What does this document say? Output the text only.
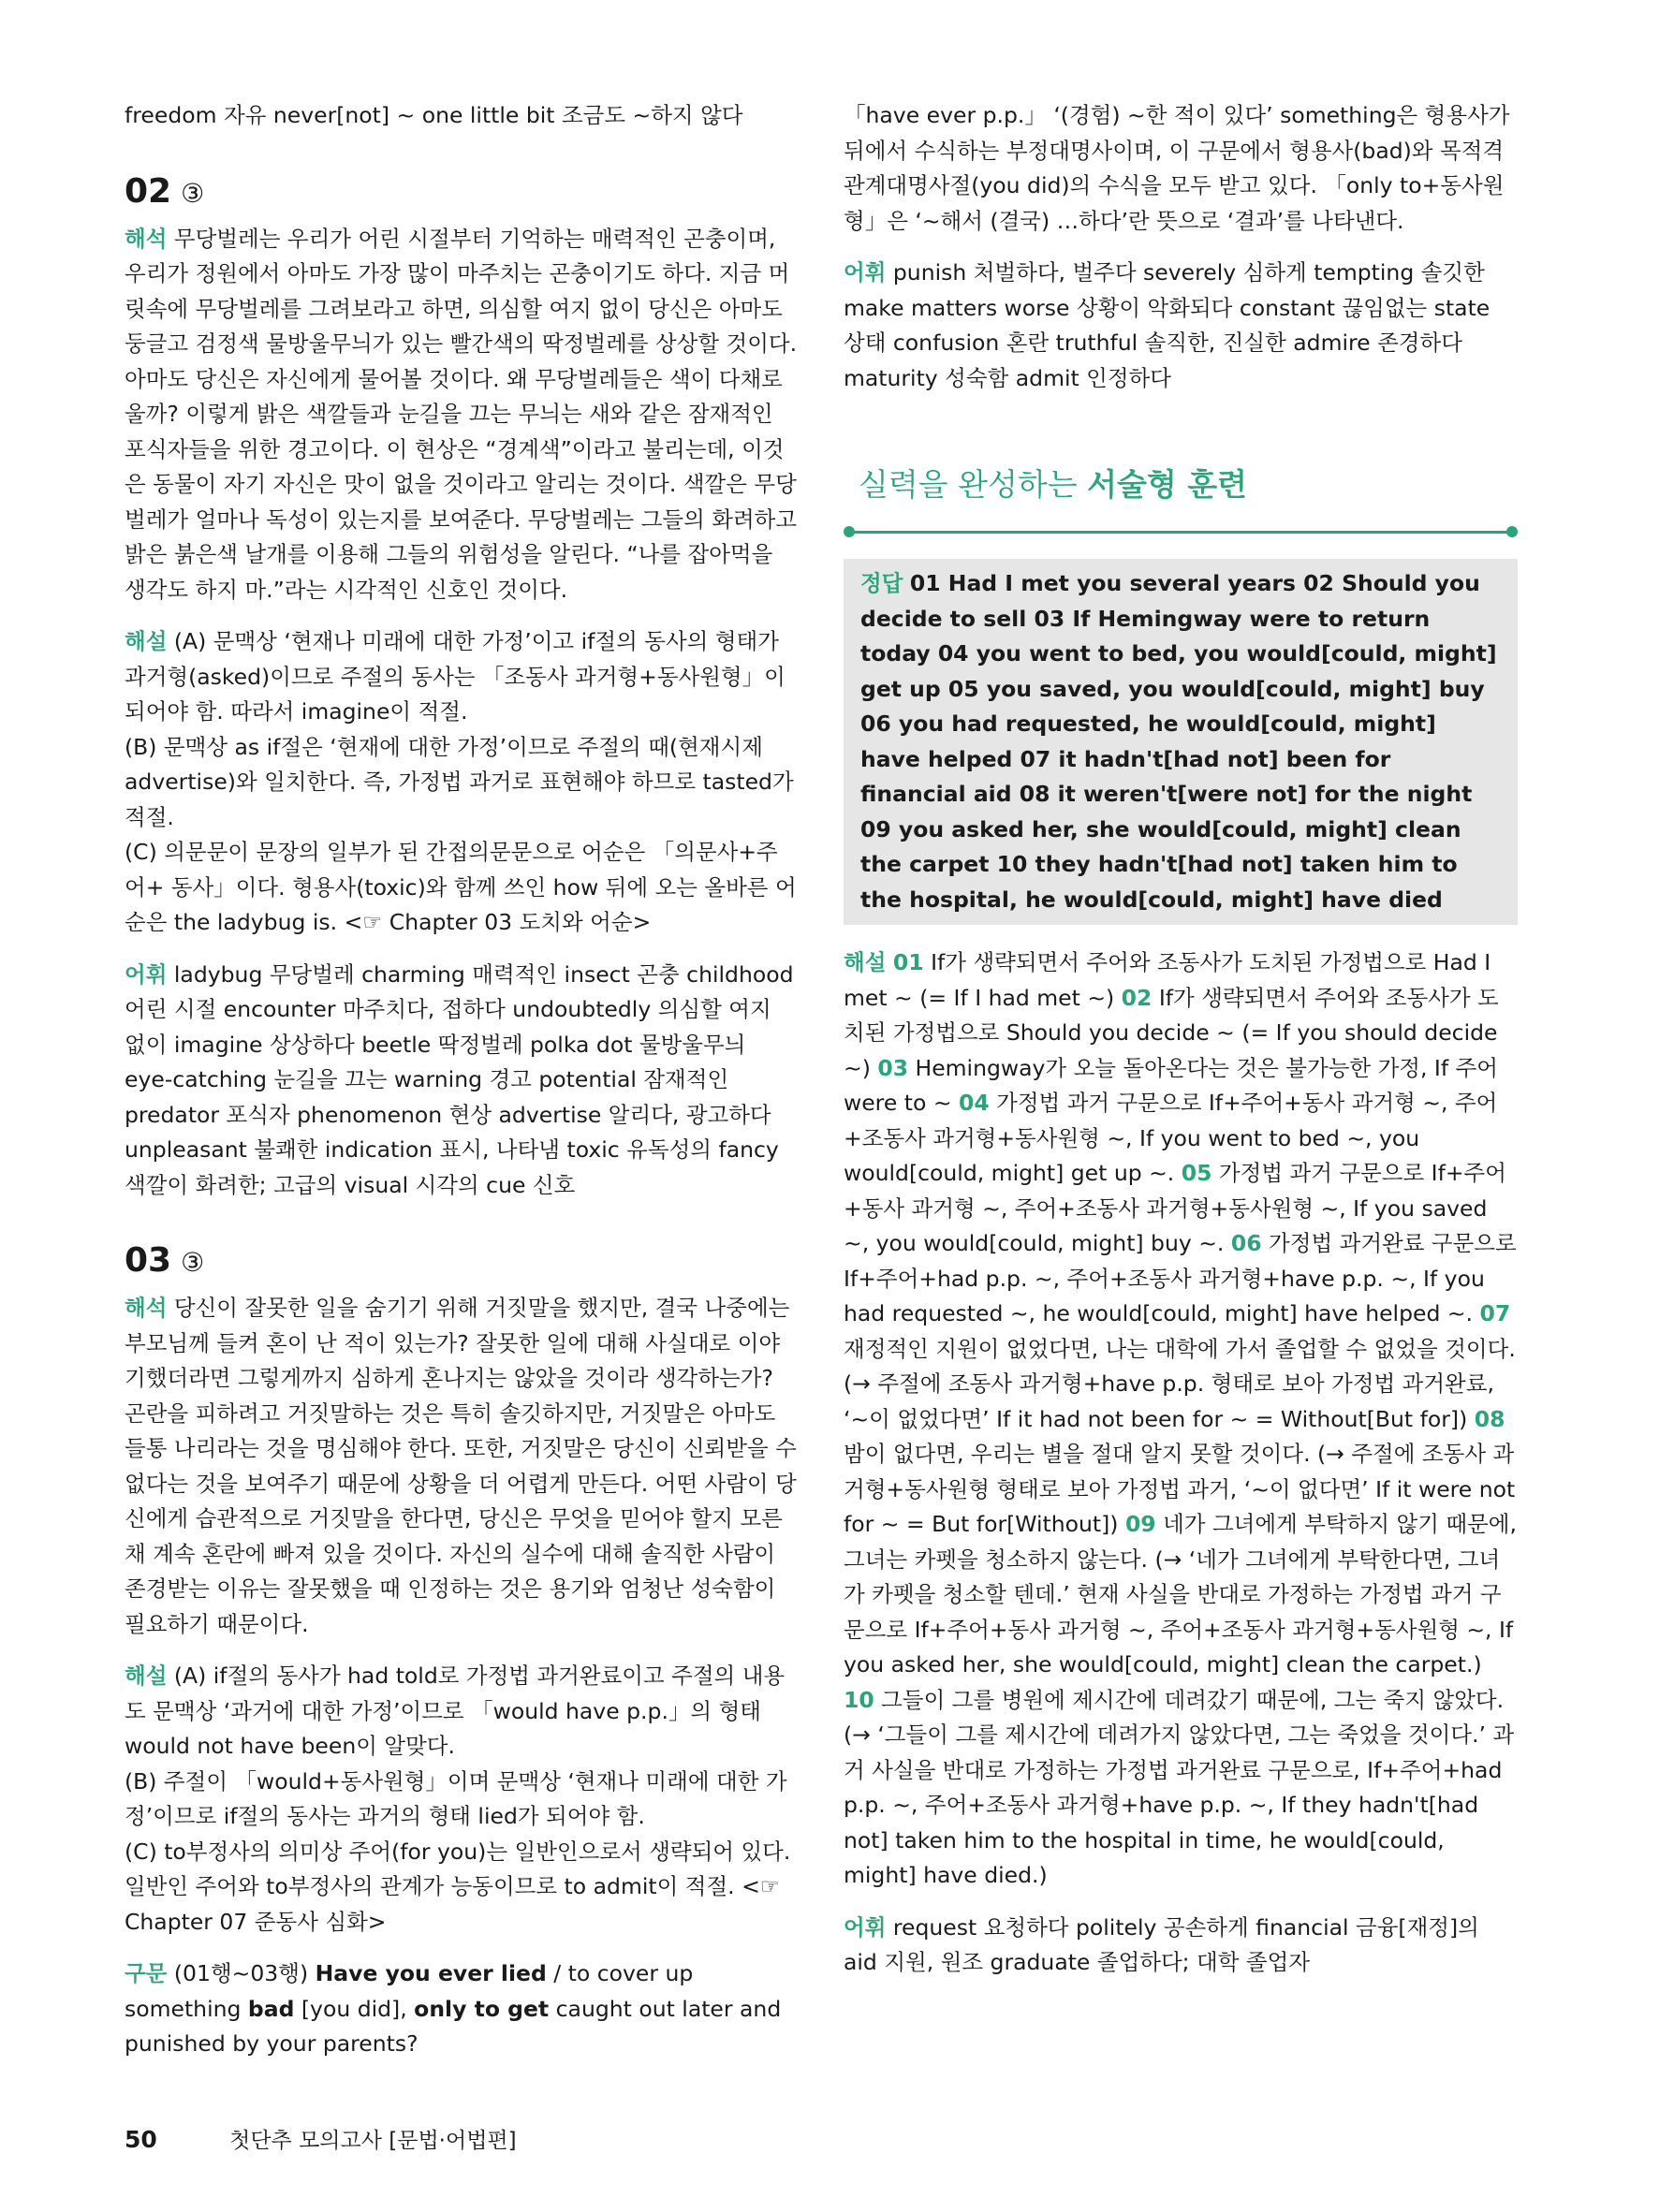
freedom 자유 never[not] ~ one little bit 조금도 ~하지 않다

02 ③

해석 무당벌레는 우리가 어린 시절부터 기억하는 매력적인 곤충이며, 우리가 정원에서 아마도 가장 많이 마주치는 곤충이기도 하다. 지금 머릿속에 무당벌레를 그려보라고 하면, 의심할 여지 없이 당신은 아마도 둥글고 검정색 물방울무늬가 있는 빨간색의 딱정벌레를 상상할 것이다. 아마도 당신은 자신에게 물어볼 것이다. 왜 무당벌레들은 색이 다채로울까? 이렇게 밝은 색깔들과 눈길을 끄는 무늬는 새와 같은 잠재적인 포식자들을 위한 경고이다. 이 현상은 “경계색”이라고 불리는데, 이것은 동물이 자기 자신은 맛이 없을 것이라고 알리는 것이다. 색깔은 무당벌레가 얼마나 독성이 있는지를 보여준다. 무당벌레는 그들의 화려하고 밝은 붉은색 날개를 이용해 그들의 위험성을 알린다. “나를 잡아먹을 생각도 하지 마.”라는 시각적인 신호인 것이다.

해설 (A) 문맥상 ‘현재나 미래에 대한 가정’이고 if절의 동사의 형태가 과거형(asked)이므로 주절의 동사는 「조동사 과거형+동사원형」이 되어야 함. 따라서 imagine이 적절.

(B) 문맥상 as if절은 ‘현재에 대한 가정’이므로 주절의 때(현재시제 advertise)와 일치한다. 즉, 가정법 과거로 표현해야 하므로 tasted가 적절.

(C) 의문문이 문장의 일부가 된 간접의문문으로 어순은 「의문사+주어+ 동사」이다. 형용사(toxic)와 함께 쓰인 how 뒤에 오는 올바른 어순은 the ladybug is. <☞ Chapter 03 도치와 어순>

어휘 ladybug 무당벌레 charming 매력적인 insect 곤충 childhood 어린 시절 encounter 마주치다, 접하다 undoubtedly 의심할 여지 없이 imagine 상상하다 beetle 딱정벌레 polka dot 물방울무늬 eye-catching 눈길을 끄는 warning 경고 potential 잠재적인 predator 포식자 phenomenon 현상 advertise 알리다, 광고하다 unpleasant 불쾌한 indication 표시, 나타냄 toxic 유독성의 fancy 색깔이 화려한; 고급의 visual 시각의 cue 신호

03 ③

해석 당신이 잘못한 일을 숨기기 위해 거짓말을 했지만, 결국 나중에는 부모님께 들켜 혼이 난 적이 있는가? 잘못한 일에 대해 사실대로 이야기했더라면 그렇게까지 심하게 혼나지는 않았을 것이라 생각하는가? 곤란을 피하려고 거짓말하는 것은 특히 솔깃하지만, 거짓말은 아마도 들통 나리라는 것을 명심해야 한다. 또한, 거짓말은 당신이 신뢰받을 수 없다는 것을 보여주기 때문에 상황을 더 어렵게 만든다. 어떤 사람이 당신에게 습관적으로 거짓말을 한다면, 당신은 무엇을 믿어야 할지 모른 채 계속 혼란에 빠져 있을 것이다. 자신의 실수에 대해 솔직한 사람이 존경받는 이유는 잘못했을 때 인정하는 것은 용기와 엄청난 성숙함이 필요하기 때문이다.

해설 (A) if절의 동사가 had told로 가정법 과거완료이고 주절의 내용도 문맥상 ‘과거에 대한 가정’이므로 「would have p.p.」의 형태 would not have been이 알맞다.

(B) 주절이 「would+동사원형」이며 문맥상 ‘현재나 미래에 대한 가정’이므로 if절의 동사는 과거의 형태 lied가 되어야 함.

(C) to부정사의 의미상 주어(for you)는 일반인으로서 생략되어 있다. 일반인 주어와 to부정사의 관계가 능동이므로 to admit이 적절. <☞ Chapter 07 준동사 심화>

구문 (01행~03행) Have you ever lied / to cover up something bad [you did], only to get caught out later and punished by your parents?

「have ever p.p.」 ‘(경험) ~한 적이 있다’ something은 형용사가 뒤에서 수식하는 부정대명사이며, 이 구문에서 형용사(bad)와 목적격 관계대명사절(you did)의 수식을 모두 받고 있다. 「only to+동사원형」은 ‘~해서 (결국) …하다’란 뜻으로 ‘결과’를 나타낸다.

어휘 punish 처벌하다, 벌주다 severely 심하게 tempting 솔깃한 make matters worse 상황이 악화되다 constant 끊임없는 state 상태 confusion 혼란 truthful 솔직한, 진실한 admire 존경하다 maturity 성숙함 admit 인정하다

실력을 완성하는 서술형 훈련

정답 01 Had I met you several years 02 Should you decide to sell 03 If Hemingway were to return today 04 you went to bed, you would[could, might] get up 05 you saved, you would[could, might] buy 06 you had requested, he would[could, might] have helped 07 it hadn't[had not] been for financial aid 08 it weren't[were not] for the night 09 you asked her, she would[could, might] clean the carpet 10 they hadn't[had not] taken him to the hospital, he would[could, might] have died

해설 01 If가 생략되면서 주어와 조동사가 도치된 가정법으로 Had I met ~ (= If I had met ~) 02 If가 생략되면서 주어와 조동사가 도치된 가정법으로 Should you decide ~ (= If you should decide ~) 03 Hemingway가 오늘 돌아온다는 것은 불가능한 가정, If 주어 were to ~ 04 가정법 과거 구문으로 If+주어+동사 과거형 ~, 주어+조동사 과거형+동사원형 ~, If you went to bed ~, you would[could, might] get up ~. 05 가정법 과거 구문으로 If+주어+동사 과거형 ~, 주어+조동사 과거형+동사원형 ~, If you saved ~, you would[could, might] buy ~. 06 가정법 과거완료 구문으로 If+주어+had p.p. ~, 주어+조동사 과거형+have p.p. ~, If you had requested ~, he would[could, might] have helped ~. 07 재정적인 지원이 없었다면, 나는 대학에 가서 졸업할 수 없었을 것이다. (→ 주절에 조동사 과거형+have p.p. 형태로 보아 가정법 과거완료, ‘~이 없었다면’ If it had not been for ~ = Without[But for]) 08 밤이 없다면, 우리는 별을 절대 알지 못할 것이다. (→ 주절에 조동사 과거형+동사원형 형태로 보아 가정법 과거, ‘~이 없다면’ If it were not for ~ = But for[Without]) 09 네가 그녀에게 부탁하지 않기 때문에, 그녀는 카펫을 청소하지 않는다. (→ ‘네가 그녀에게 부탁한다면, 그녀가 카펫을 청소할 텐데.’ 현재 사실을 반대로 가정하는 가정법 과거 구문으로 If+주어+동사 과거형 ~, 주어+조동사 과거형+동사원형 ~, If you asked her, she would[could, might] clean the carpet.) 10 그들이 그를 병원에 제시간에 데려갔기 때문에, 그는 죽지 않았다. (→ ‘그들이 그를 제시간에 데려가지 않았다면, 그는 죽었을 것이다.’ 과거 사실을 반대로 가정하는 가정법 과거완료 구문으로, If+주어+had p.p. ~, 주어+조동사 과거형+have p.p. ~, If they hadn't[had not] taken him to the hospital in time, he would[could, might] have died.)

어휘 request 요청하다 politely 공손하게 financial 금융[재정]의 aid 지원, 원조 graduate 졸업하다; 대학 졸업자

50	첫단추 모의고사 [문법·어법편]
